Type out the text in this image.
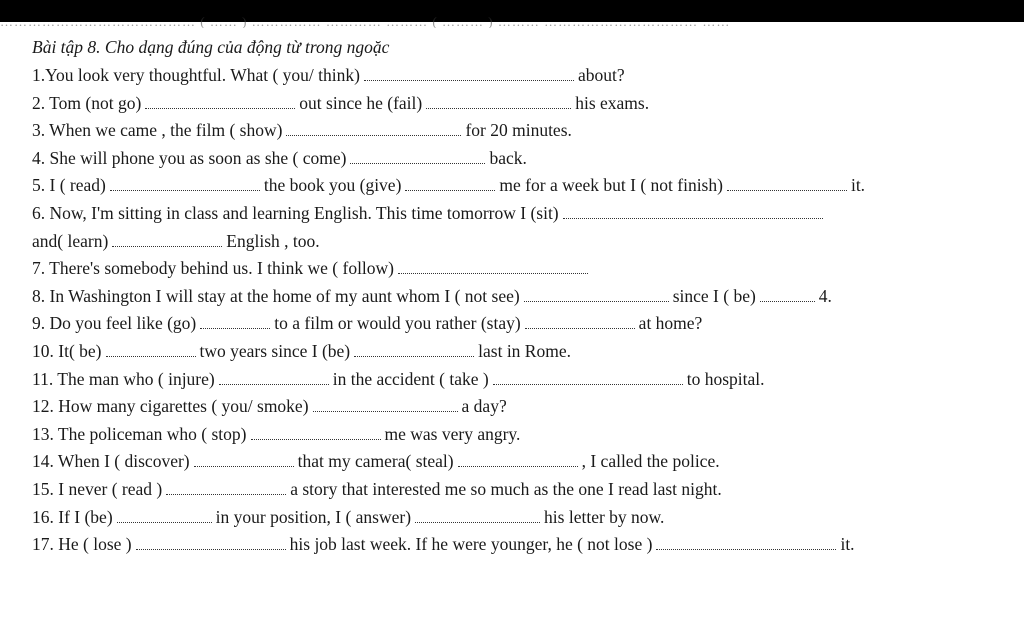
…………………………………… ( …… ) …………… ………… ……… ( ……… ) ……… …………………………… ……
Bài tập 8. Cho dạng đúng của động từ trong ngoặc
1.You look very thoughtful. What ( you/ think)	about?
2. Tom (not go)	out since he (fail)	his exams.
3. When we came , the film ( show)	for 20 minutes.
4. She will phone you as soon as she ( come)	back.
5. I ( read)	the book you (give)	me for a week but I ( not finish)	it.
6. Now, I'm sitting in class and learning English. This time tomorrow I (sit)
and( learn)	English , too.
7. There's somebody behind us. I think we ( follow)
8. In Washington I will stay at the home of my aunt whom I ( not see)	since I ( be)	4.
9. Do you feel like (go)	to a film or would you rather (stay)	at home?
10. It( be)	two years since I (be)	last in Rome.
11. The man who ( injure)	in the accident ( take )	to hospital.
12. How many cigarettes ( you/ smoke)	a day?
13. The policeman who ( stop)	me was very angry.
14. When I ( discover)	that my camera( steal)	, I called the police.
15. I never ( read )	a story that interested me so much as the one I read last night.
16. If I (be)	in your position, I ( answer)	his letter by now.
17. He ( lose )	his job last week. If he were younger, he ( not lose )	it.
